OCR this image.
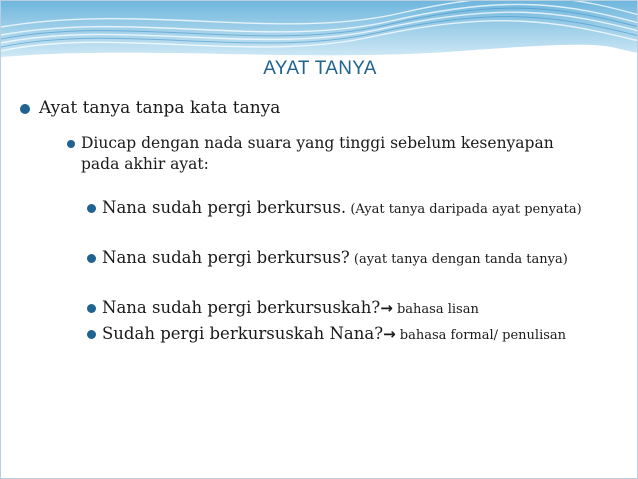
AYAT TANYA
Ayat tanya tanpa kata tanya
Diucap dengan nada suara yang tinggi sebelum kesenyapan pada akhir ayat:
Nana sudah pergi berkursus. (Ayat tanya daripada ayat penyata)
Nana sudah pergi berkursus? (ayat tanya dengan tanda tanya)
Nana sudah pergi berkursuskah?→ bahasa lisan
Sudah pergi berkursuskah Nana?→ bahasa formal/ penulisan
